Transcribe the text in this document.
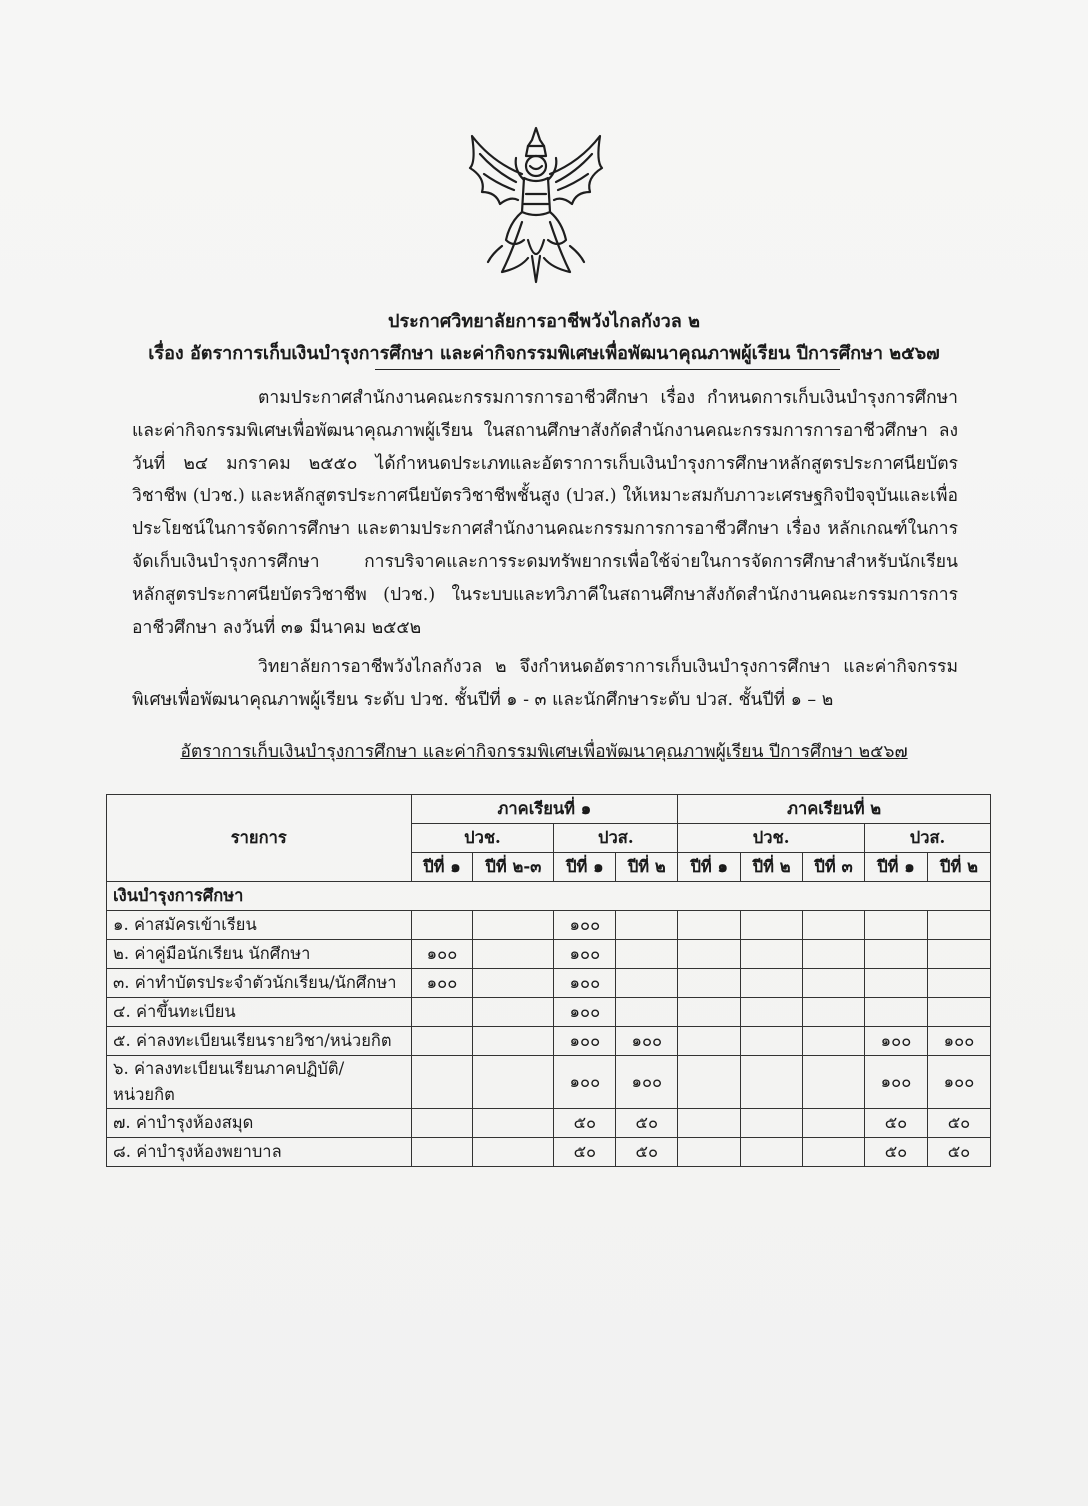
ประกาศวิทยาลัยการอาชีพวังไกลกังวล ๒
เรื่อง อัตราการเก็บเงินบำรุงการศึกษา และค่ากิจกรรมพิเศษเพื่อพัฒนาคุณภาพผู้เรียน ปีการศึกษา ๒๕๖๗
ตามประกาศสำนักงานคณะกรรมการการอาชีวศึกษา เรื่อง กำหนดการเก็บเงินบำรุงการศึกษาและค่ากิจกรรมพิเศษเพื่อพัฒนาคุณภาพผู้เรียน ในสถานศึกษาสังกัดสำนักงานคณะกรรมการการอาชีวศึกษา ลงวันที่ ๒๔ มกราคม ๒๕๕๐ ได้กำหนดประเภทและอัตราการเก็บเงินบำรุงการศึกษาหลักสูตรประกาศนียบัตรวิชาชีพ (ปวช.) และหลักสูตรประกาศนียบัตรวิชาชีพชั้นสูง (ปวส.) ให้เหมาะสมกับภาวะเศรษฐกิจปัจจุบันและเพื่อประโยชน์ในการจัดการศึกษา และตามประกาศสำนักงานคณะกรรมการการอาชีวศึกษา เรื่อง หลักเกณฑ์ในการจัดเก็บเงินบำรุงการศึกษา การบริจาคและการระดมทรัพยากรเพื่อใช้จ่ายในการจัดการศึกษาสำหรับนักเรียนหลักสูตรประกาศนียบัตรวิชาชีพ (ปวช.) ในระบบและทวิภาคีในสถานศึกษาสังกัดสำนักงานคณะกรรมการการอาชีวศึกษา ลงวันที่ ๓๑ มีนาคม ๒๕๕๒
วิทยาลัยการอาชีพวังไกลกังวล ๒ จึงกำหนดอัตราการเก็บเงินบำรุงการศึกษา และค่ากิจกรรมพิเศษเพื่อพัฒนาคุณภาพผู้เรียน ระดับ ปวช. ชั้นปีที่ ๑ - ๓ และนักศึกษาระดับ ปวส. ชั้นปีที่ ๑ – ๒
อัตราการเก็บเงินบำรุงการศึกษา และค่ากิจกรรมพิเศษเพื่อพัฒนาคุณภาพผู้เรียน ปีการศึกษา ๒๕๖๗
รายการ	ภาคเรียนที่ ๑				ภาคเรียนที่ ๒				
	ปวช.		ปวส.		ปวช.			ปวส.	
	ปีที่ ๑	ปีที่ ๒-๓	ปีที่ ๑	ปีที่ ๒	ปีที่ ๑	ปีที่ ๒	ปีที่ ๓	ปีที่ ๑	ปีที่ ๒
เงินบำรุงการศึกษา									
๑. ค่าสมัครเข้าเรียน			๑๐๐						
๒. ค่าคู่มือนักเรียน นักศึกษา	๑๐๐		๑๐๐						
๓. ค่าทำบัตรประจำตัวนักเรียน/นักศึกษา	๑๐๐		๑๐๐						
๔. ค่าขึ้นทะเบียน			๑๐๐						
๕. ค่าลงทะเบียนเรียนรายวิชา/หน่วยกิต			๑๐๐	๑๐๐				๑๐๐	๑๐๐
๖. ค่าลงทะเบียนเรียนภาคปฏิบัติ/หน่วยกิต			๑๐๐	๑๐๐				๑๐๐	๑๐๐
๗. ค่าบำรุงห้องสมุด			๕๐	๕๐				๕๐	๕๐
๘. ค่าบำรุงห้องพยาบาล			๕๐	๕๐				๕๐	๕๐
